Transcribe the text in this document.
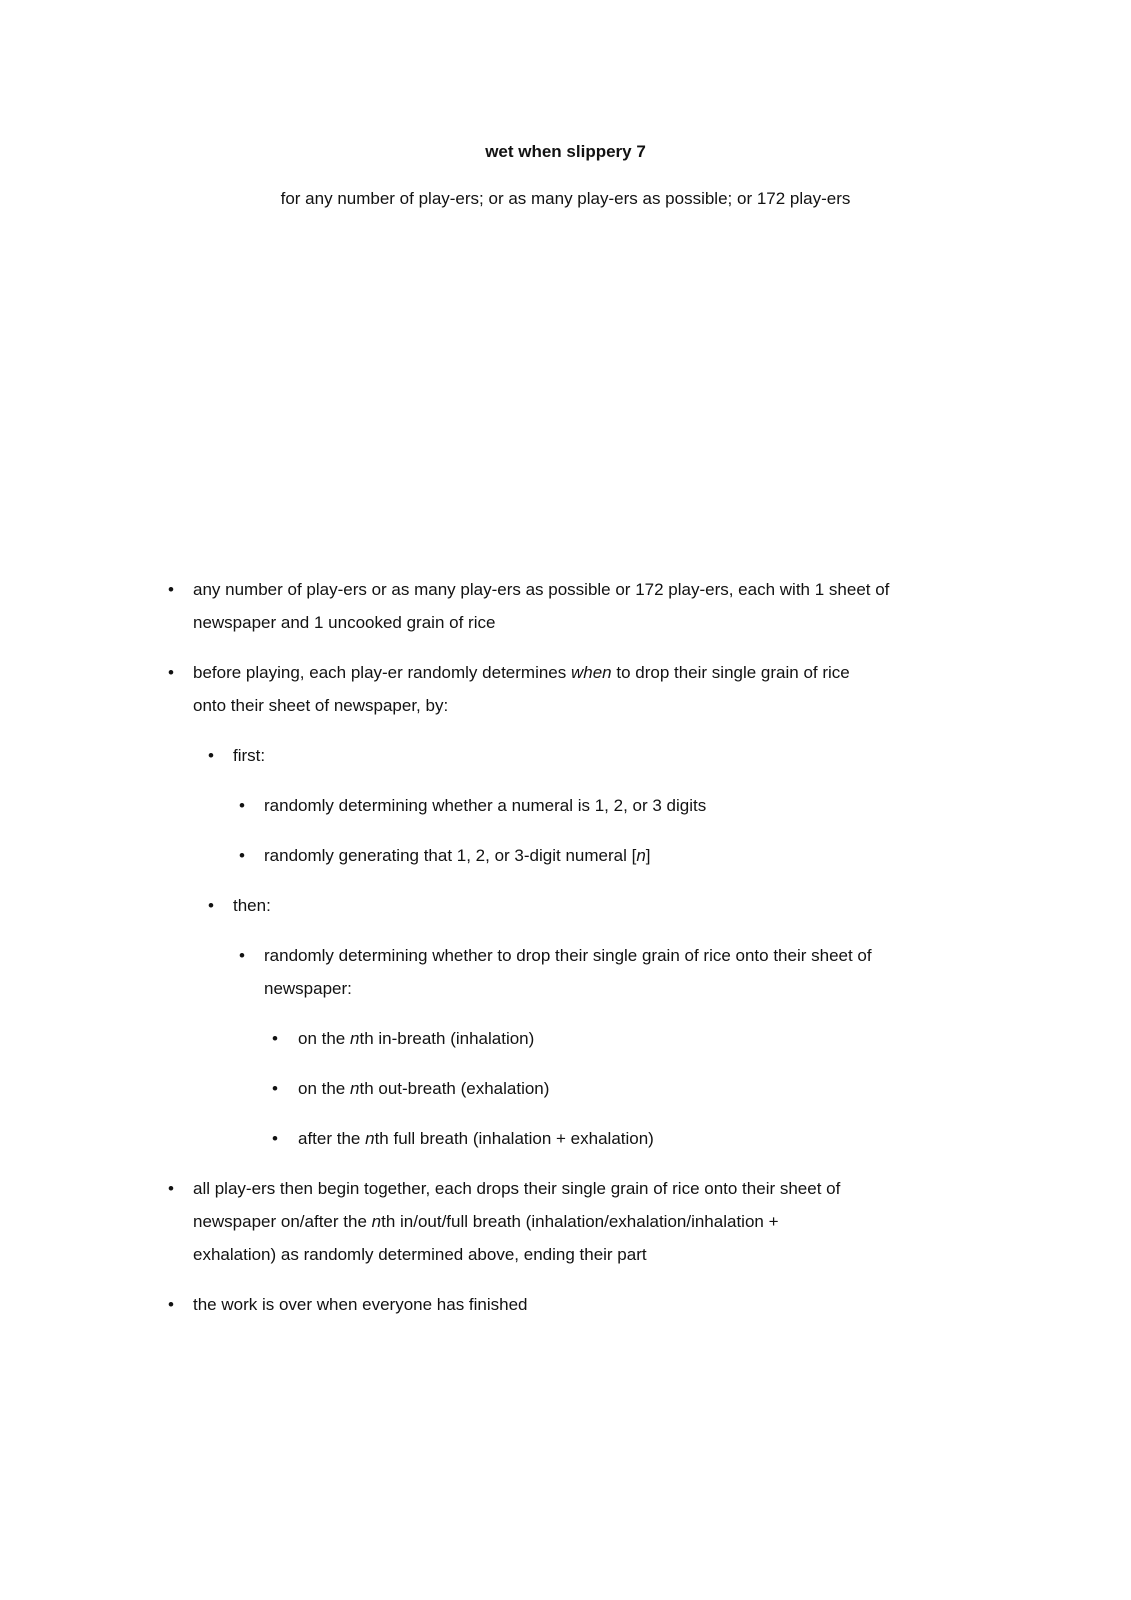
wet when slippery 7
for any number of play-ers; or as many play-ers as possible; or 172 play-ers
• any number of play-ers or as many play-ers as possible or 172 play-ers, each with 1 sheet of
newspaper and 1 uncooked grain of rice
• before playing, each play-er randomly determines when to drop their single grain of rice
onto their sheet of newspaper, by:
• first:
• randomly determining whether a numeral is 1, 2, or 3 digits
• randomly generating that 1, 2, or 3-digit numeral [n]
• then:
• randomly determining whether to drop their single grain of rice onto their sheet of
newspaper:
• on the nth in-breath (inhalation)
• on the nth out-breath (exhalation)
• after the nth full breath (inhalation + exhalation)
• all play-ers then begin together, each drops their single grain of rice onto their sheet of
newspaper on/after the nth in/out/full breath (inhalation/exhalation/inhalation +
exhalation) as randomly determined above, ending their part
• the work is over when everyone has finished
